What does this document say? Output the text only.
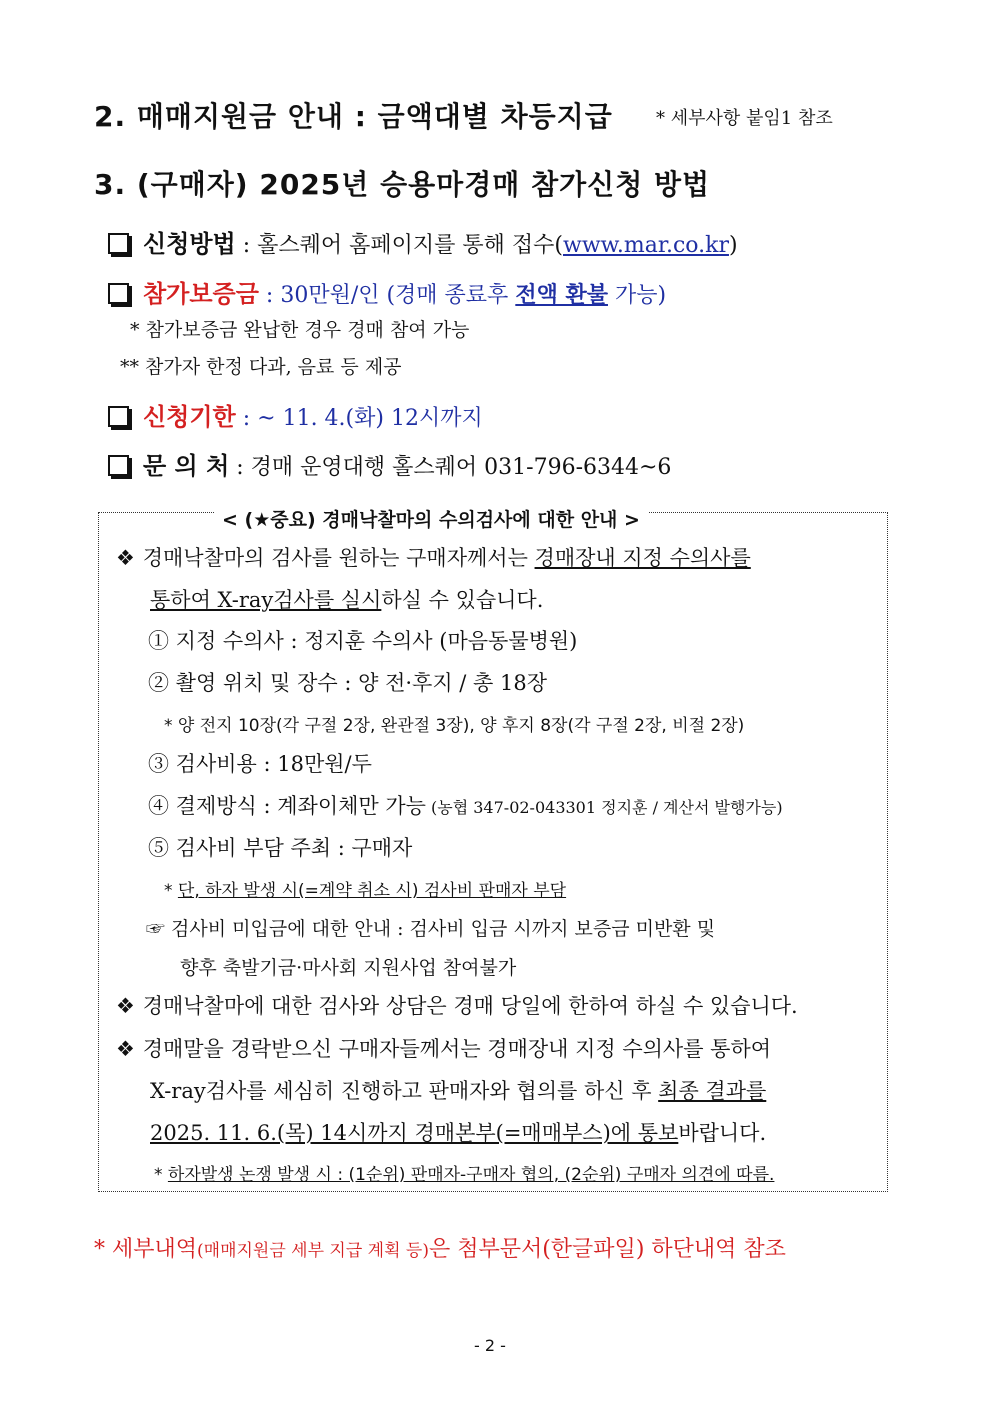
2. 매매지원금 안내 : 금액대별 차등지급 * 세부사항 붙임1 참조
3. (구매자) 2025년 승용마경매 참가신청 방법
신청방법 : 홀스퀘어 홈페이지를 통해 접수(www.mar.co.kr)
참가보증금 : 30만원/인 (경매 종료후 전액 환불 가능)
* 참가보증금 완납한 경우 경매 참여 가능
** 참가자 한정 다과, 음료 등 제공
신청기한 : ~ 11. 4.(화) 12시까지
문 의 처 : 경매 운영대행 홀스퀘어 031-796-6344~6
< (★중요) 경매낙찰마의 수의검사에 대한 안내 >
❖ 경매낙찰마의 검사를 원하는 구매자께서는 경매장내 지정 수의사를
통하여 X-ray검사를 실시하실 수 있습니다.
① 지정 수의사 : 정지훈 수의사 (마음동물병원)
② 촬영 위치 및 장수 : 양 전·후지 / 총 18장
* 양 전지 10장(각 구절 2장, 완관절 3장), 양 후지 8장(각 구절 2장, 비절 2장)
③ 검사비용 : 18만원/두
④ 결제방식 : 계좌이체만 가능 (농협 347-02-043301 정지훈 / 계산서 발행가능)
⑤ 검사비 부담 주최 : 구매자
* 단, 하자 발생 시(=계약 취소 시) 검사비 판매자 부담
☞ 검사비 미입금에 대한 안내 : 검사비 입금 시까지 보증금 미반환 및
향후 축발기금·마사회 지원사업 참여불가
❖ 경매낙찰마에 대한 검사와 상담은 경매 당일에 한하여 하실 수 있습니다.
❖ 경매말을 경락받으신 구매자들께서는 경매장내 지정 수의사를 통하여
X-ray검사를 세심히 진행하고 판매자와 협의를 하신 후 최종 결과를
2025. 11. 6.(목) 14시까지 경매본부(=매매부스)에 통보바랍니다.
* 하자발생 논쟁 발생 시 : (1순위) 판매자-구매자 협의, (2순위) 구매자 의견에 따름.
* 세부내역(매매지원금 세부 지급 계획 등)은 첨부문서(한글파일) 하단내역 참조
- 2 -
